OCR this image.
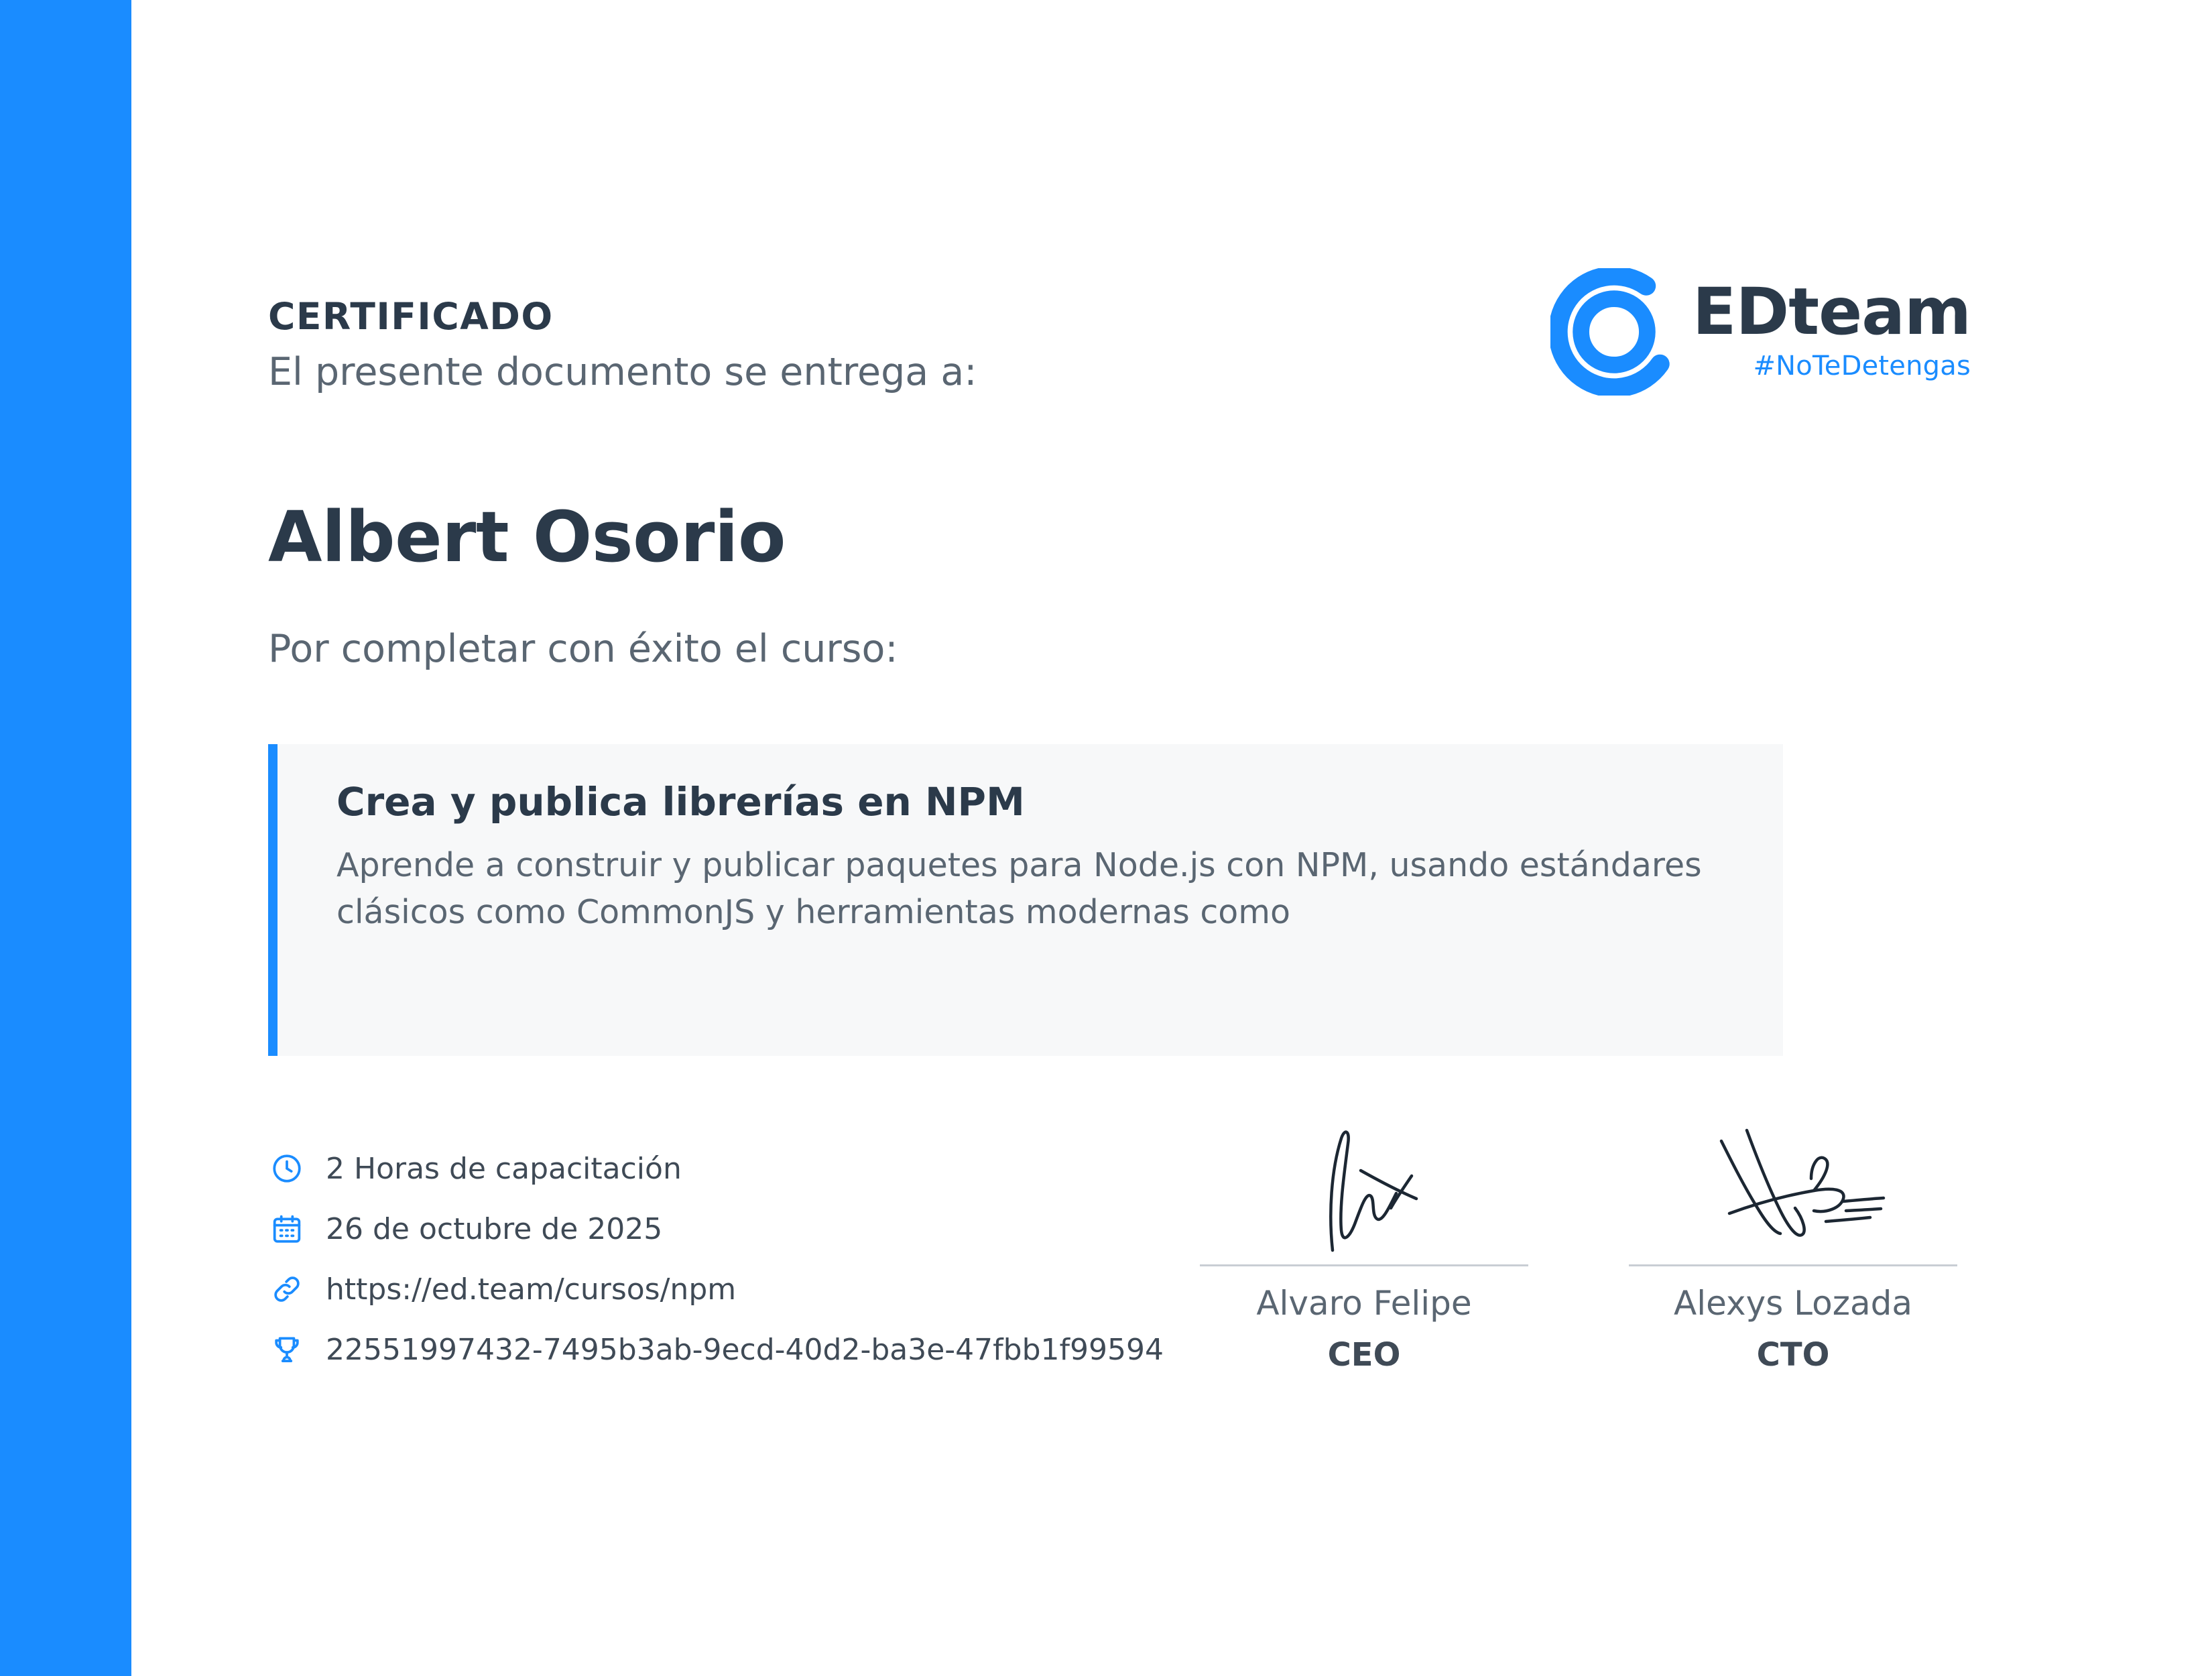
CERTIFICADO

El presente documento se entrega a:

EDteam
#NoTeDetengas
Albert Osorio

Por completar con éxito el curso:

Crea y publica librerías en NPM

Aprende a construir y publicar paquetes para Node.js con NPM, usando estándares clásicos como CommonJS y herramientas modernas como

2 Horas de capacitación
26 de octubre de 2025
https://ed.team/cursos/npm
22551997432-7495b3ab-9ecd-40d2-ba3e-47fbb1f99594
Alvaro Felipe
CEO
Alexys Lozada
CTO
